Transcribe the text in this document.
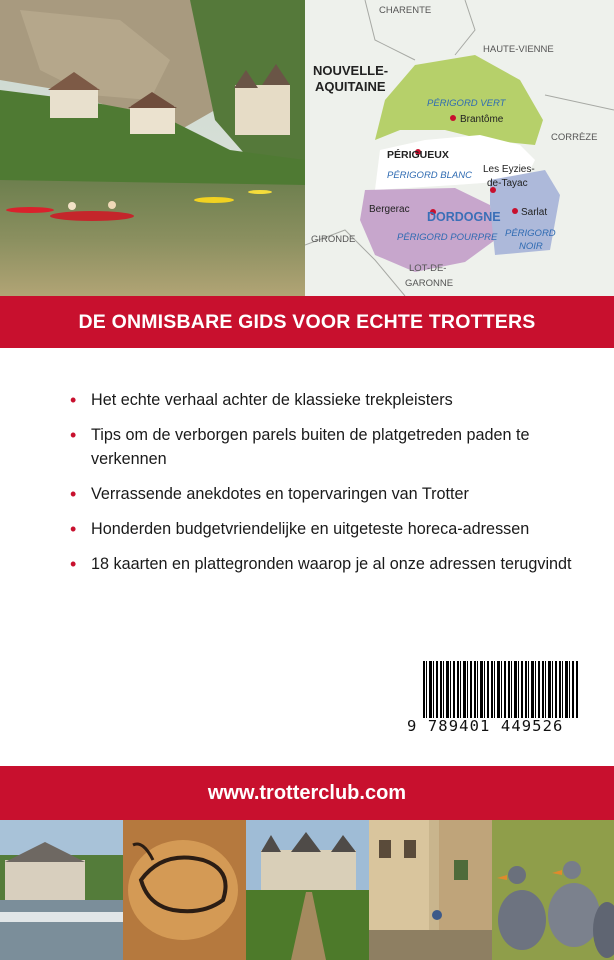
CHARENTE
HAUTE-VIENNE
CORRÈZE
GIRONDE
LOT-DE-
GARONNE
NOUVELLE-
AQUITAINE
PÉRIGORD VERT
Brantôme
PÉRIGUEUX
PÉRIGORD BLANC
Les Eyzies-
de-Tayac
Bergerac
DORDOGNE Sarlat
PÉRIGORD POURPRE PÉRIGORD
NOIR
DE ONMISBARE GIDS VOOR ECHTE TROTTERS
• Het echte verhaal achter de klassieke trekpleisters
• Tips om de verborgen parels buiten de platgetreden paden te verkennen
• Verrassende anekdotes en topervaringen van Trotter
• Honderden budgetvriendelijke en uitgeteste horeca-adressen
• 18 kaarten en plattegronden waarop je al onze adressen terugvindt
9 789401 449526
www.trotterclub.com
